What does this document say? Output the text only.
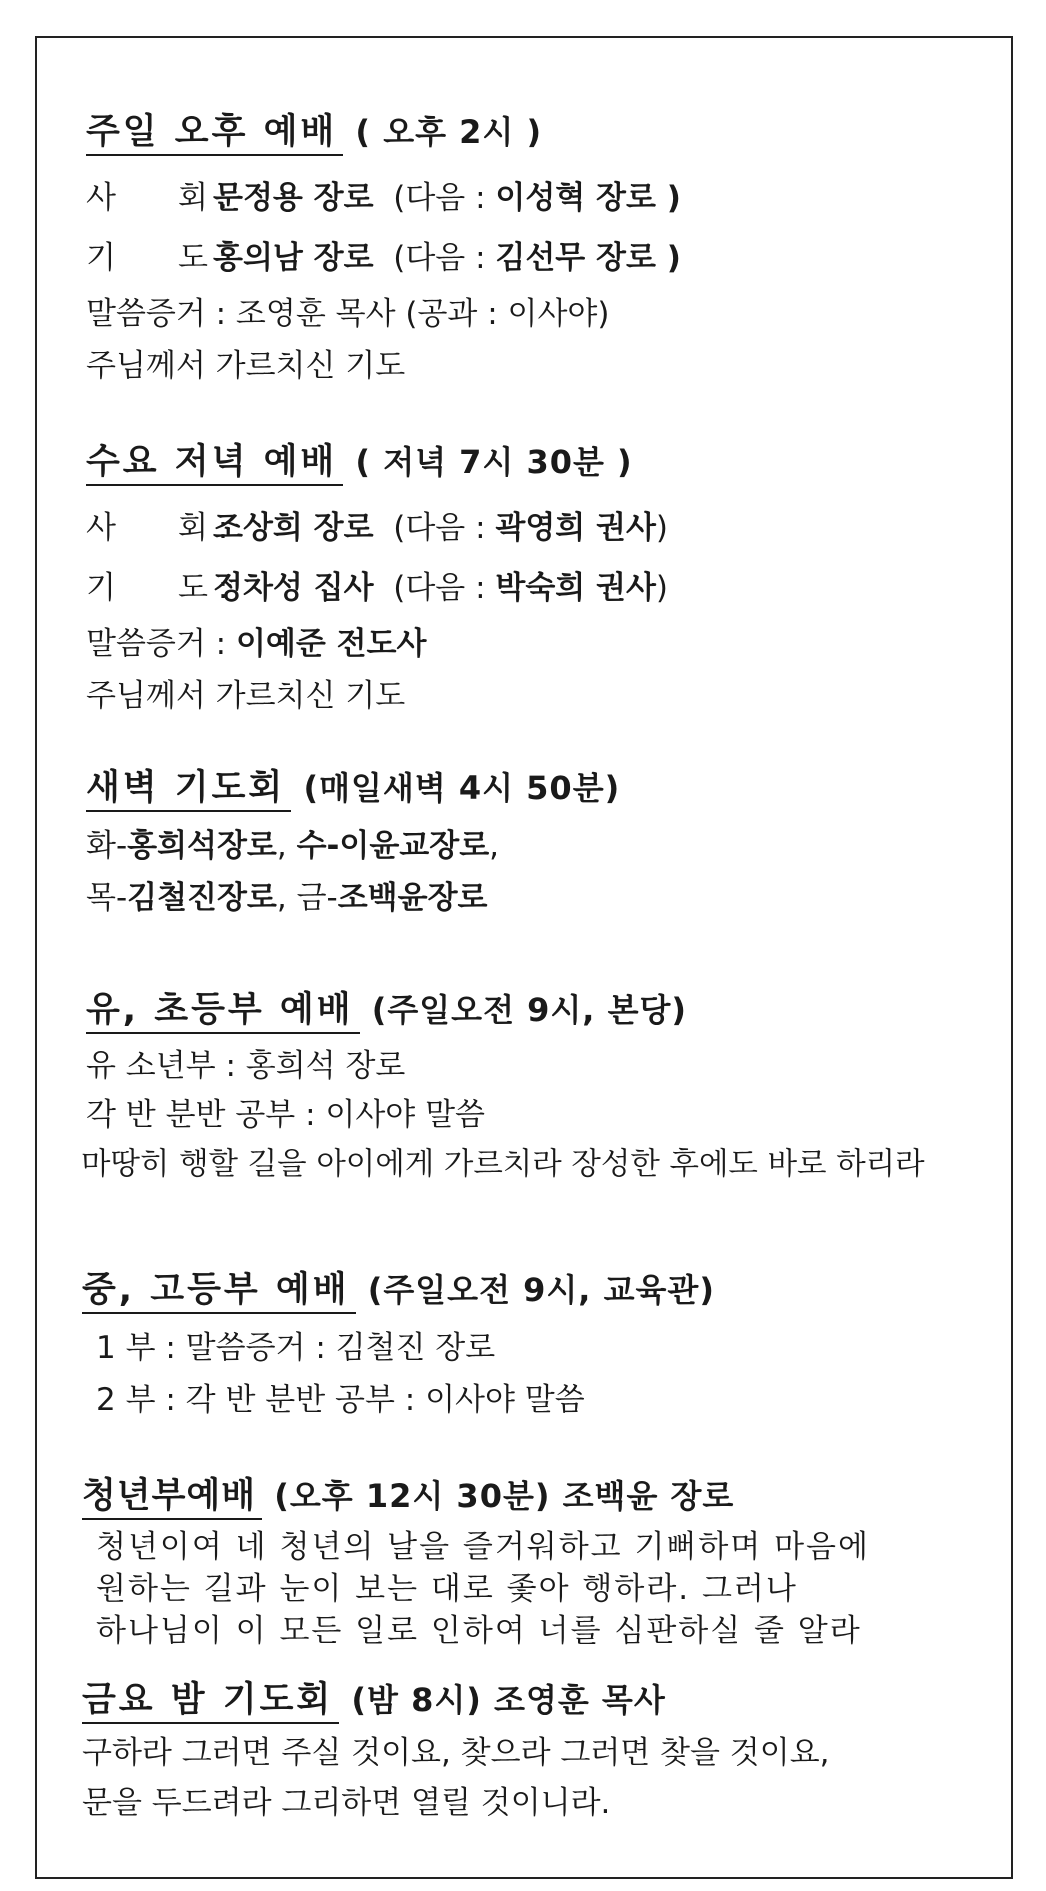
주일 오후 예배 ( 오후 2시 )
사　　회 :문정용 장로 (다음 : 이성혁 장로 )
기　　도 :홍의남 장로 (다음 : 김선무 장로 )
말씀증거 : 조영훈 목사 (공과 : 이사야)
주님께서 가르치신 기도
수요 저녁 예배 ( 저녁 7시 30분 )
사　　회 :조상희 장로 (다음 : 곽영희 권사)
기　　도 :정차성 집사 (다음 : 박숙희 권사)
말씀증거 : 이예준 전도사
주님께서 가르치신 기도
새벽 기도회 (매일새벽 4시 50분)
화-홍희석장로, 수-이윤교장로,
목-김철진장로, 금-조백윤장로
유, 초등부 예배 (주일오전 9시, 본당)
유 소년부 : 홍희석 장로
각 반 분반 공부 : 이사야 말씀
마땅히 행할 길을 아이에게 가르치라 장성한 후에도 바로 하리라
중, 고등부 예배 (주일오전 9시, 교육관)
1 부 : 말씀증거 : 김철진 장로
2 부 : 각 반 분반 공부 : 이사야 말씀
청년부예배 (오후 12시 30분) 조백윤 장로
청년이여 네 청년의 날을 즐거워하고 기뻐하며 마음에
원하는 길과 눈이 보는 대로 좇아 행하라. 그러나
하나님이 이 모든 일로 인하여 너를 심판하실 줄 알라
금요 밤 기도회 (밤 8시) 조영훈 목사
구하라 그러면 주실 것이요, 찾으라 그러면 찾을 것이요,
문을 두드려라 그리하면 열릴 것이니라.
